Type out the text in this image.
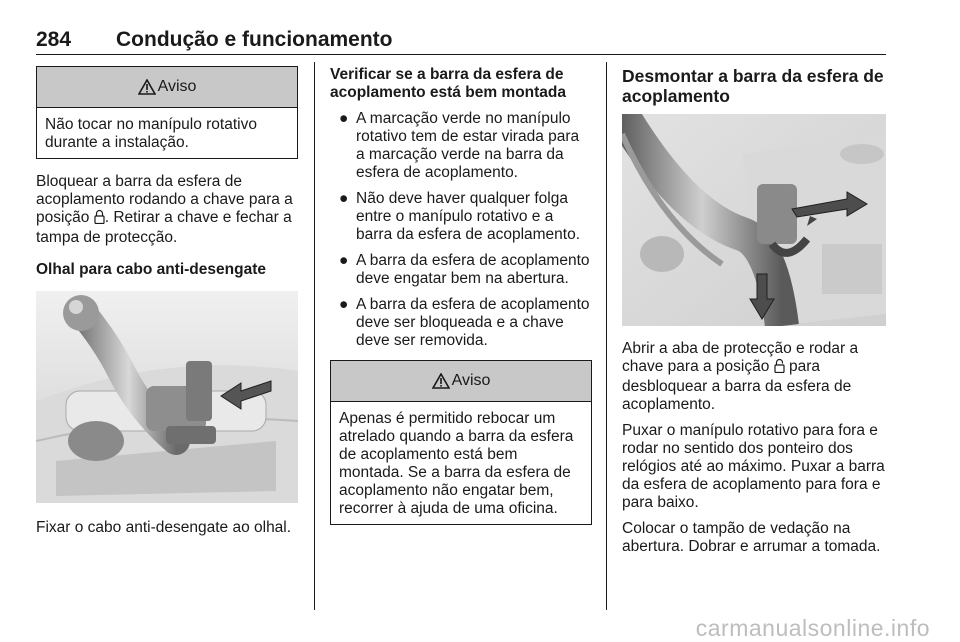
284 Condução e funcionamento
Aviso
Não tocar no manípulo rotativo durante a instalação.

Bloquear a barra da esfera de acoplamento rodando a chave para a posição . Retirar a chave e fechar a tampa de protecção.

Olhal para cabo anti-desengate

Fixar o cabo anti-desengate ao olhal.

Verificar se a barra da esfera de acoplamento está bem montada

● A marcação verde no manípulo rotativo tem de estar virada para a marcação verde na barra da esfera de acoplamento.
● Não deve haver qualquer folga entre o manípulo rotativo e a barra da esfera de acoplamento.
● A barra da esfera de acoplamento deve engatar bem na abertura.
● A barra da esfera de acoplamento deve ser bloqueada e a chave deve ser removida.
Aviso
Apenas é permitido rebocar um atrelado quando a barra da esfera de acoplamento está bem montada. Se a barra da esfera de acoplamento não engatar bem, recorrer à ajuda de uma oficina.

Desmontar a barra da esfera de acoplamento

Abrir a aba de protecção e rodar a chave para a posição  para desbloquear a barra da esfera de acoplamento.

Puxar o manípulo rotativo para fora e rodar no sentido dos ponteiro dos relógios até ao máximo. Puxar a barra da esfera de acoplamento para fora e para baixo.

Colocar o tampão de vedação na abertura. Dobrar e arrumar a tomada.

carmanualsonline.info
